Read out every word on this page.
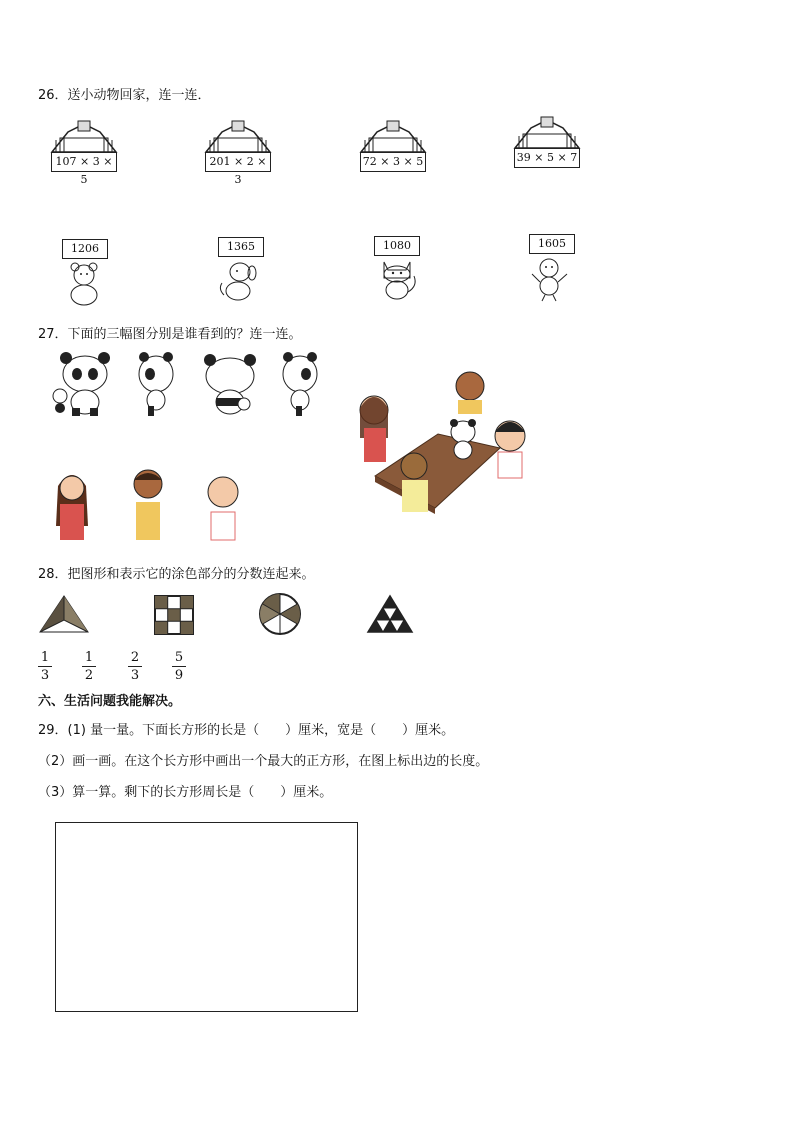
26．送小动物回家，连一连．
107 × 3 × 5
201 × 2 × 3
72 × 3 × 5	39 × 5 × 7
1206	1365	1080	1605
27．下面的三幅图分别是谁看到的？连一连。
28．把图形和表示它的涂色部分的分数连起来。
1
3
1
2
2
3
5
9
六、生活问题我能解决。
29．(1) 量一量。下面长方形的长是（　　）厘米，宽是（　　）厘米。
（2）画一画。在这个长方形中画出一个最大的正方形，在图上标出边的长度。
（3）算一算。剩下的长方形周长是（　　）厘米。
